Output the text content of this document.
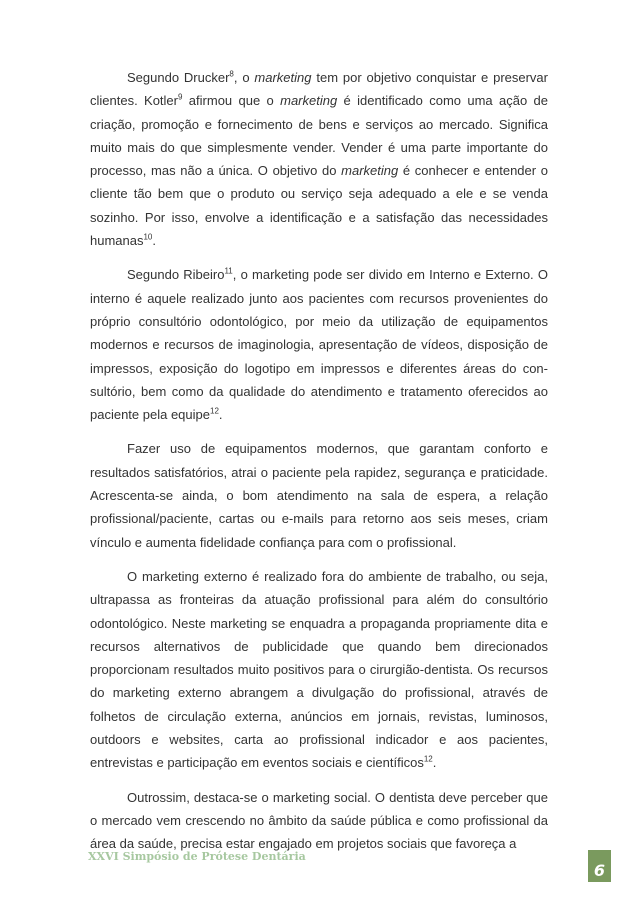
Segundo Drucker$^8$, o marketing tem por objetivo conquistar e preservar clientes. Kotler$^9$ afirmou que o marketing é identificado como uma ação de criação, promoção e fornecimento de bens e serviços ao mercado. Significa muito mais do que simplesmente vender. Vender é uma parte importante do processo, mas não a única. O objetivo do marketing é conhecer e entender o cliente tão bem que o produto ou serviço seja adequado a ele e se venda sozinho. Por isso, envolve a identificação e a satisfação das necessidades humanas$^{10}$.

Segundo Ribeiro$^{11}$, o marketing pode ser divido em Interno e Externo. O interno é aquele realizado junto aos pacientes com recursos provenientes do próprio consultório odontológico, por meio da utilização de equipamentos modernos e recursos de imaginologia, apresentação de vídeos, disposição de impressos, exposição do logotipo em impressos e diferentes áreas do con-sultório, bem como da qualidade do atendimento e tratamento oferecidos ao paciente pela equipe$^{12}$.

Fazer uso de equipamentos modernos, que garantam conforto e resultados satisfatórios, atrai o paciente pela rapidez, segurança e praticidade. Acrescenta-se ainda, o bom atendimento na sala de espera, a relação profissional/paciente, cartas ou e-mails para retorno aos seis meses, criam vínculo e aumenta fidelidade confiança para com o profissional.

O marketing externo é realizado fora do ambiente de trabalho, ou seja, ultrapassa as fronteiras da atuação profissional para além do consultório odontológico. Neste marketing se enquadra a propaganda propriamente dita e recursos alternativos de publicidade que quando bem direcionados proporcionam resultados muito positivos para o cirurgião-dentista. Os recursos do marketing externo abrangem a divulgação do profissional, através de folhetos de circulação externa, anúncios em jornais, revistas, luminosos, outdoors e websites, carta ao profissional indicador e aos pacientes, entrevistas e participação em eventos sociais e científicos$^{12}$.

Outrossim, destaca-se o marketing social. O dentista deve perceber que o mercado vem crescendo no âmbito da saúde pública e como profissional da área da saúde, precisa estar engajado em projetos sociais que favoreça a

XXVI Simpósio de Prótese Dentária
6
